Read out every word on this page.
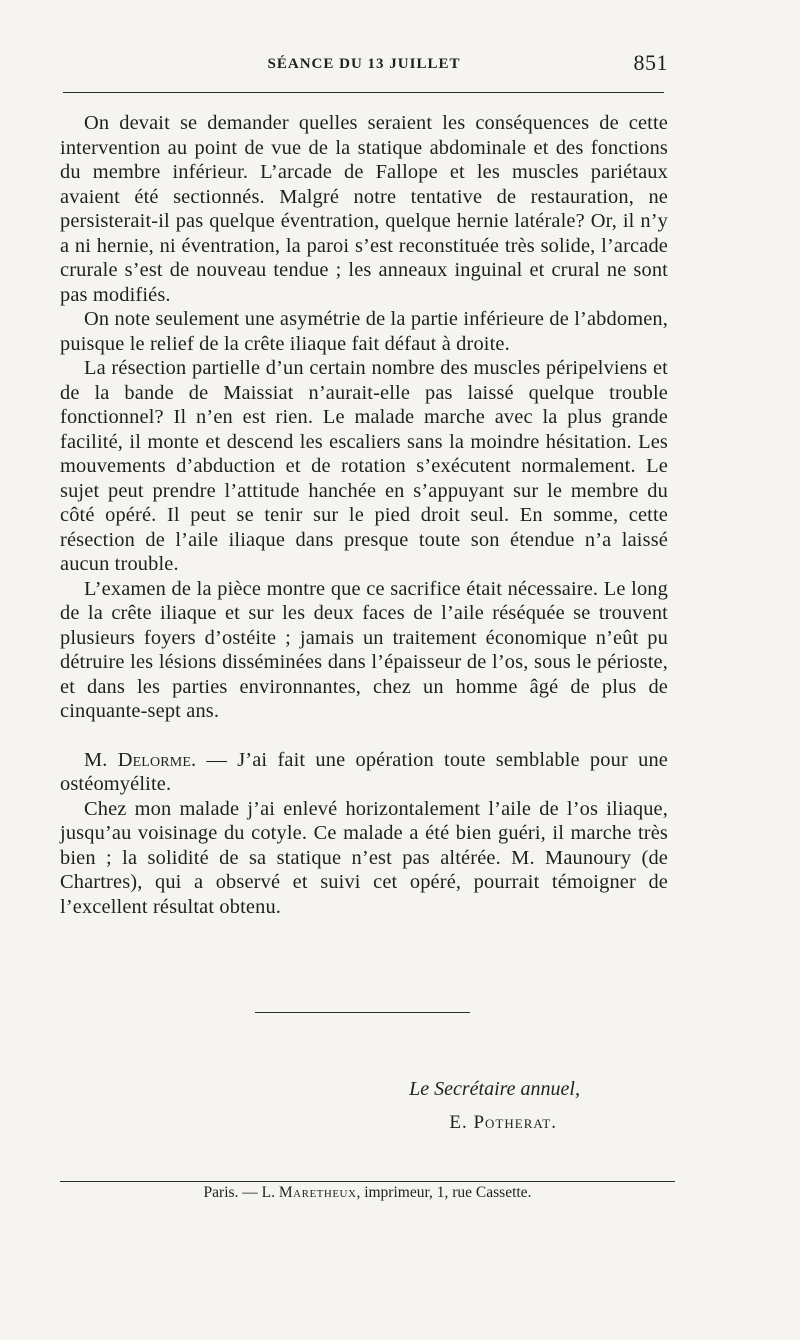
SÉANCE DU 13 JUILLET	851

On devait se demander quelles seraient les conséquences de cette intervention au point de vue de la statique abdominale et des fonctions du membre inférieur. L’arcade de Fallope et les muscles pariétaux avaient été sectionnés. Malgré notre tentative de restauration, ne persisterait-il pas quelque éventration, quelque hernie latérale? Or, il n’y a ni hernie, ni éventration, la paroi s’est reconstituée très solide, l’arcade crurale s’est de nouveau tendue ; les anneaux inguinal et crural ne sont pas modifiés.

On note seulement une asymétrie de la partie inférieure de l’abdomen, puisque le relief de la crête iliaque fait défaut à droite.

La résection partielle d’un certain nombre des muscles péripelviens et de la bande de Maissiat n’aurait-elle pas laissé quelque trouble fonctionnel? Il n’en est rien. Le malade marche avec la plus grande facilité, il monte et descend les escaliers sans la moindre hésitation. Les mouvements d’abduction et de rotation s’exécutent normalement. Le sujet peut prendre l’attitude hanchée en s’appuyant sur le membre du côté opéré. Il peut se tenir sur le pied droit seul. En somme, cette résection de l’aile iliaque dans presque toute son étendue n’a laissé aucun trouble.

L’examen de la pièce montre que ce sacrifice était nécessaire. Le long de la crête iliaque et sur les deux faces de l’aile réséquée se trouvent plusieurs foyers d’ostéite ; jamais un traitement économique n’eût pu détruire les lésions disséminées dans l’épaisseur de l’os, sous le périoste, et dans les parties environnantes, chez un homme âgé de plus de cinquante-sept ans.

M. Delorme. — J’ai fait une opération toute semblable pour une ostéomyélite.

Chez mon malade j’ai enlevé horizontalement l’aile de l’os iliaque, jusqu’au voisinage du cotyle. Ce malade a été bien guéri, il marche très bien ; la solidité de sa statique n’est pas altérée. M. Maunoury (de Chartres), qui a observé et suivi cet opéré, pourrait témoigner de l’excellent résultat obtenu.

Le Secrétaire annuel,
E. Potherat.
Paris. — L. Maretheux, imprimeur, 1, rue Cassette.
